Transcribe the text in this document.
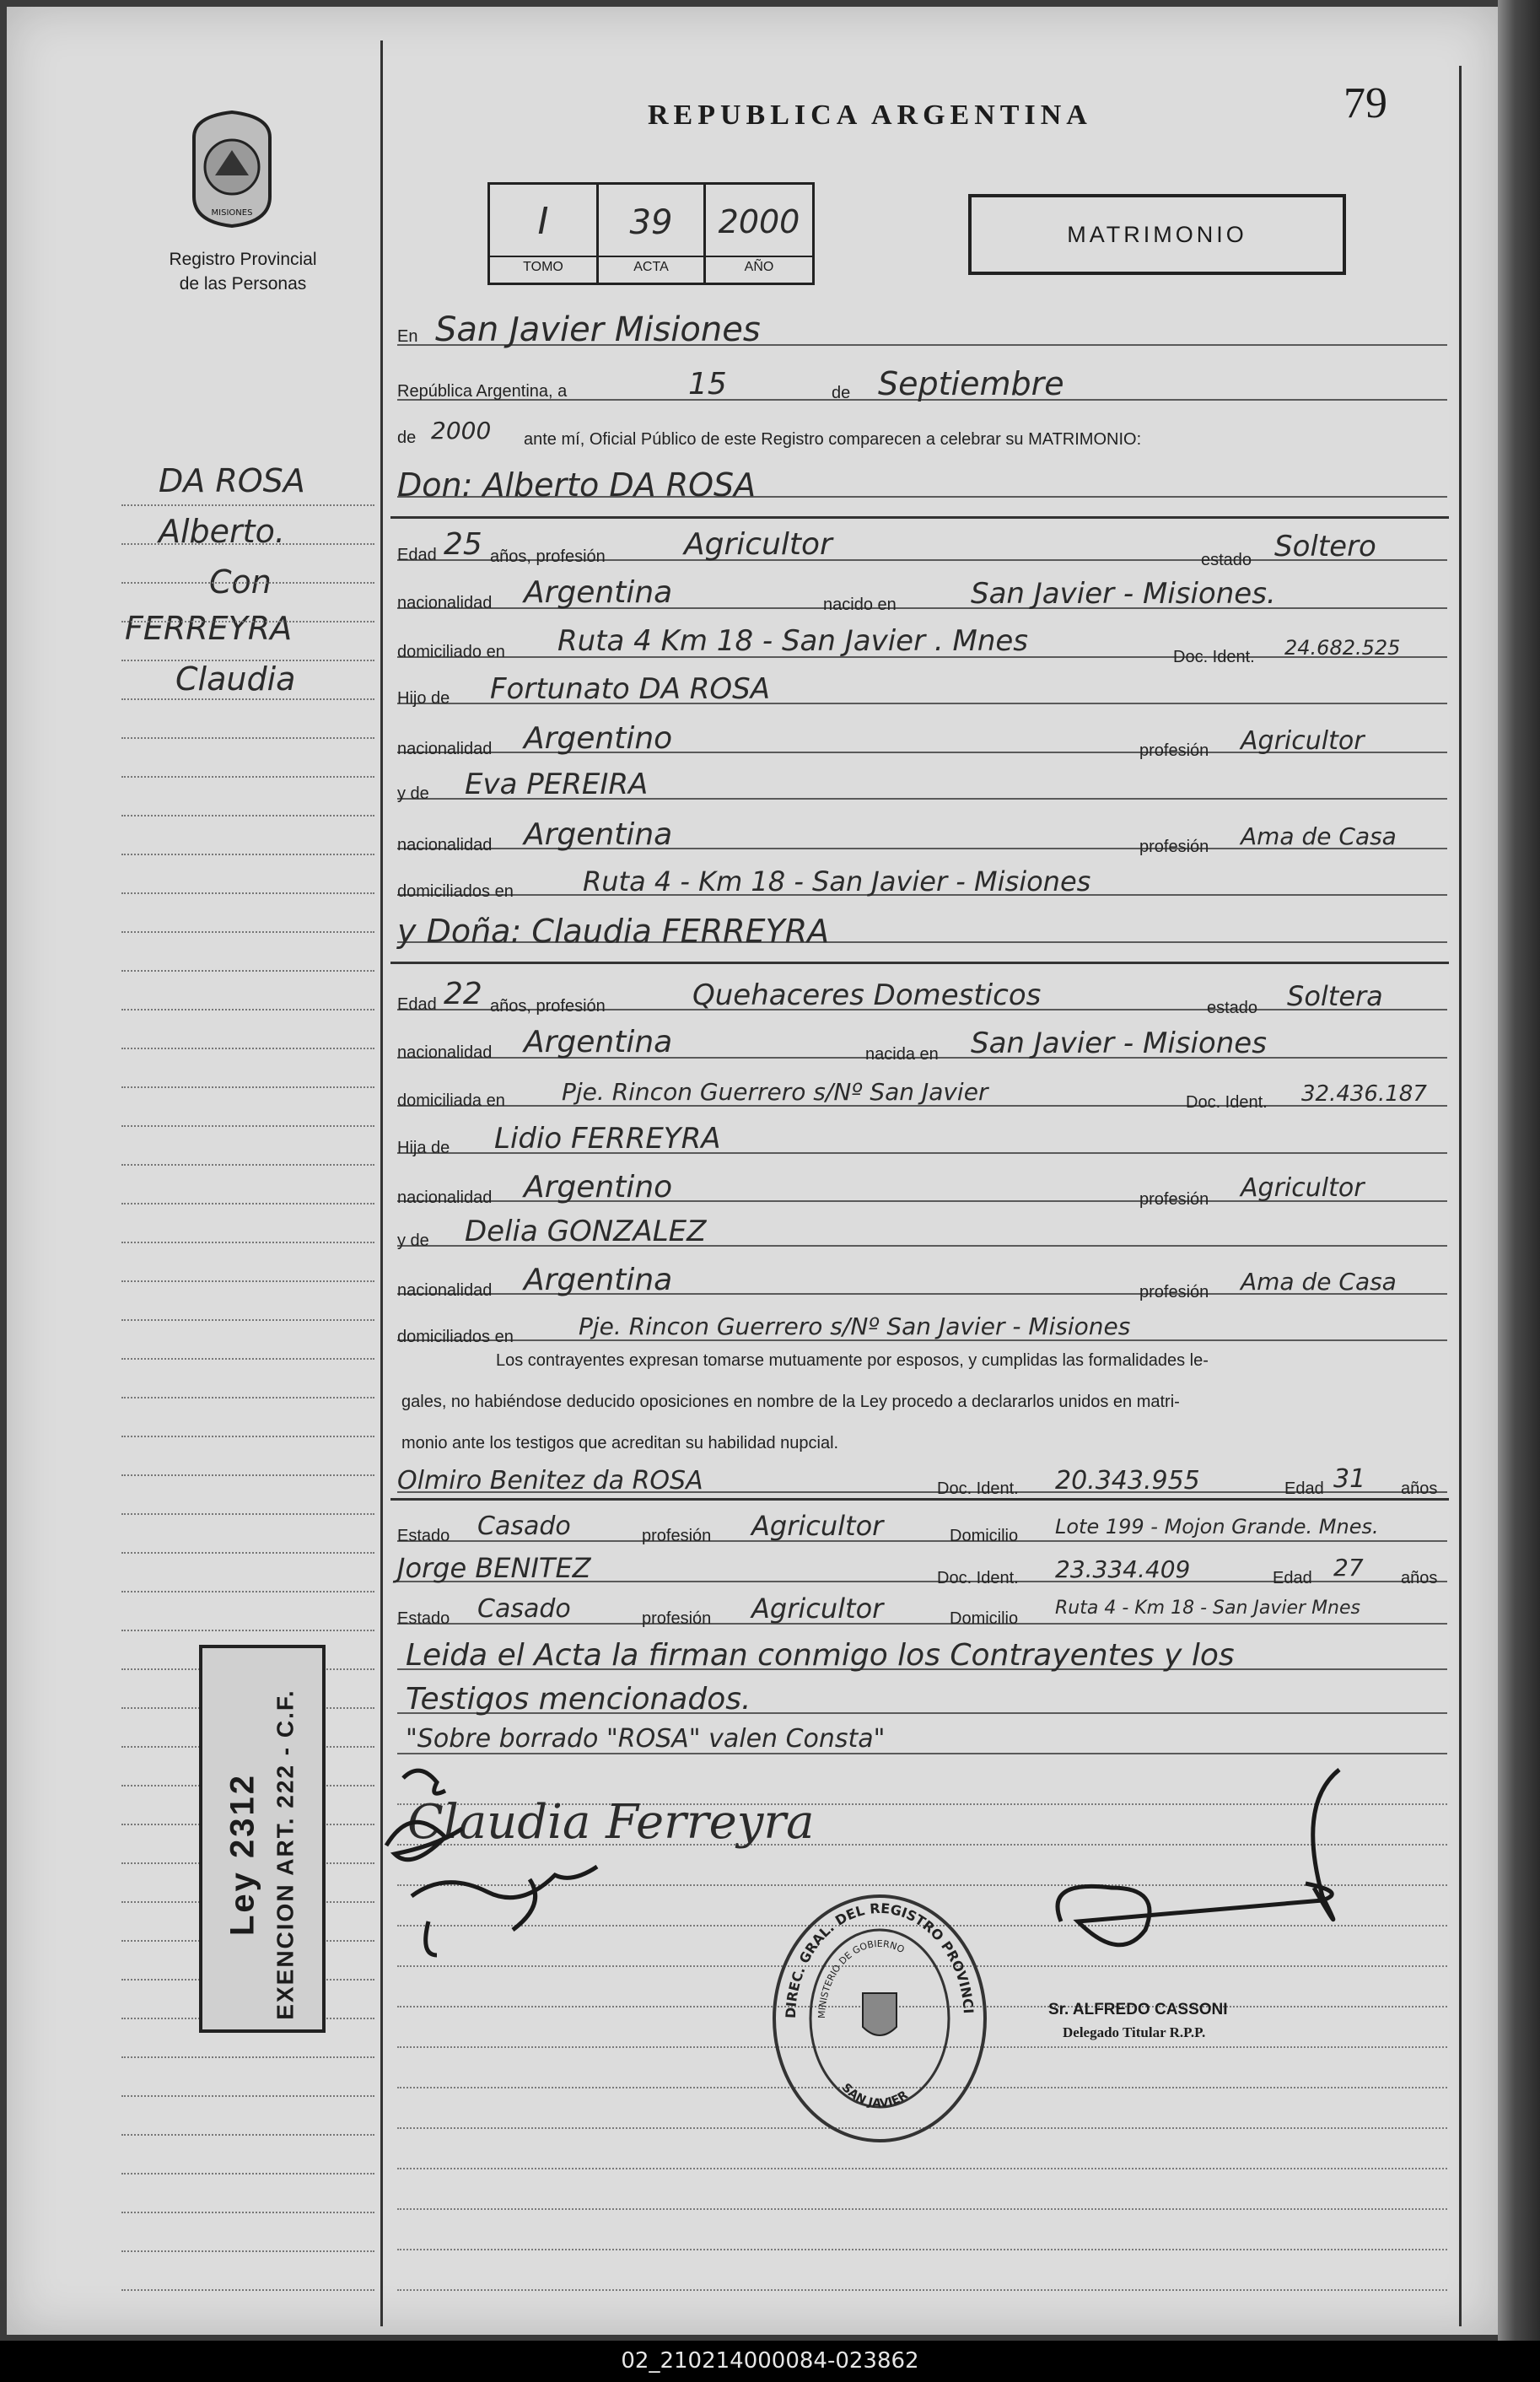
REPUBLICA ARGENTINA	79
MISIONES
Registro Provincial
de las Personas
I
TOMO
39
ACTA
2000
AÑO
MATRIMONIO
DA ROSA
Alberto.
Con
FERREYRA
Claudia
En San Javier Misiones
República Argentina, a	15	de Septiembre
de 2000 ante mí, Oficial Público de este Registro comparecen a celebrar su MATRIMONIO:
Don: Alberto DA ROSA
Edad 25 años, profesión	Agricultor	estado Soltero
nacionalidad Argentina	nacido en	San Javier - Misiones.
domiciliado en Ruta 4 Km 18 - San Javier . Mnes	Doc. Ident. 24.682.525
Hijo de Fortunato DA ROSA
nacionalidad Argentino	profesión Agricultor
y de Eva PEREIRA
nacionalidad Argentina	profesión Ama de Casa
domiciliados en	Ruta 4 - Km 18 - San Javier - Misiones
y Doña: Claudia FERREYRA
Edad 22 años, profesión	Quehaceres Domesticos	estado Soltera
nacionalidad Argentina	nacida en San Javier - Misiones
domiciliada en Pje. Rincon Guerrero s/Nº San Javier	Doc. Ident. 32.436.187
Hija de Lidio FERREYRA
nacionalidad Argentino	profesión Agricultor
y de Delia GONZALEZ
nacionalidad Argentina	profesión Ama de Casa
domiciliados en	Pje. Rincon Guerrero s/Nº San Javier - Misiones
Los contrayentes expresan tomarse mutuamente por esposos, y cumplidas las formalidades le-
gales, no habiéndose deducido oposiciones en nombre de la Ley procedo a declararlos unidos en matri-
monio ante los testigos que acreditan su habilidad nupcial.
Olmiro Benitez da ROSA	Doc. Ident. 20.343.955	Edad 31 años
Estado Casado	profesión Agricultor	Domicilio Lote 199 - Mojon Grande. Mnes.
Jorge BENITEZ	Doc. Ident. 23.334.409	Edad 27 años
Estado Casado	profesión Agricultor	Domicilio Ruta 4 - Km 18 - San Javier Mnes
Leida el Acta la firman conmigo los Contrayentes y los
Testigos mencionados.
"Sobre borrado "ROSA" valen Consta"
Claudia Ferreyra
Sr. ALFREDO CASSONI
Delegado Titular R.P.P.
Ley 2312 EXENCION ART. 222 - C.F.	DIREC. GRAL. DEL REGISTRO PROVINCI
MINISTERIO DE GOBIERNO
SAN JAVIER
02_210214000084-023862
